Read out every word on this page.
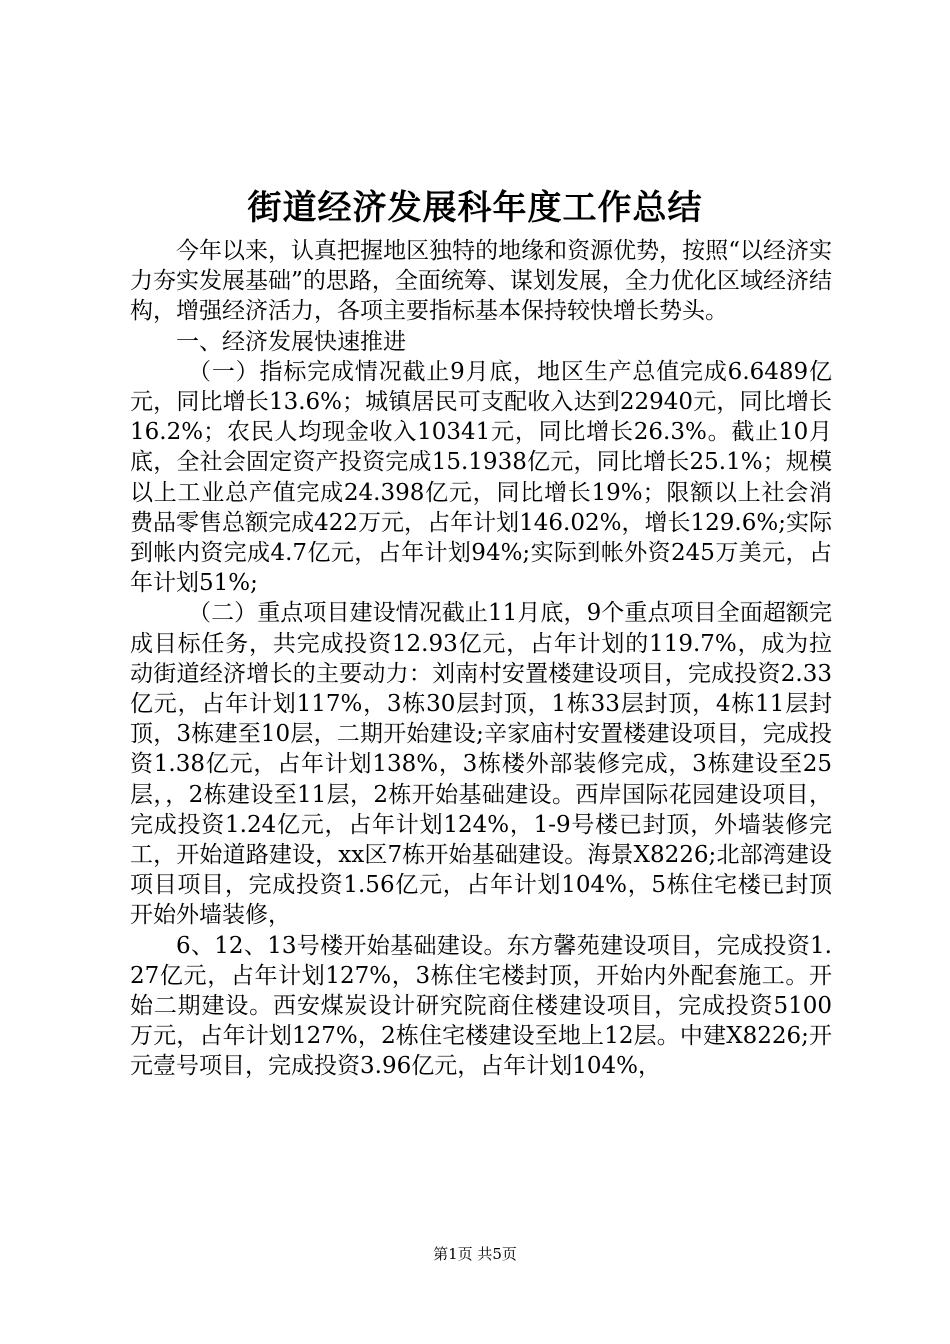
街道经济发展科年度工作总结

今年以来，认真把握地区独特的地缘和资源优势，按照“以经济实力夯实发展基础”的思路，全面统筹、谋划发展，全力优化区域经济结构，增强经济活力，各项主要指标基本保持较快增长势头。

一、经济发展快速推进

（一）指标完成情况截止9月底，地区生产总值完成6.6489亿元，同比增长13.6%；城镇居民可支配收入达到22940元，同比增长16.2%；农民人均现金收入10341元，同比增长26.3%。截止10月底，全社会固定资产投资完成15.1938亿元，同比增长25.1%；规模以上工业总产值完成24.398亿元，同比增长19%；限额以上社会消费品零售总额完成422万元，占年计划146.02%，增长129.6%;实际到帐内资完成4.7亿元，占年计划94%;实际到帐外资245万美元，占年计划51%;

（二）重点项目建设情况截止11月底，9个重点项目全面超额完成目标任务，共完成投资12.93亿元，占年计划的119.7%，成为拉动街道经济增长的主要动力：刘南村安置楼建设项目，完成投资2.33亿元，占年计划117%，3栋30层封顶，1栋33层封顶，4栋11层封顶，3栋建至10层，二期开始建设;辛家庙村安置楼建设项目，完成投资1.38亿元，占年计划138%，3栋楼外部装修完成，3栋建设至25层，，2栋建设至11层，2栋开始基础建设。西岸国际花园建设项目，完成投资1.24亿元，占年计划124%，1-9号楼已封顶，外墙装修完工，开始道路建设，xx区7栋开始基础建设。海景X8226;北部湾建设项目项目，完成投资1.56亿元，占年计划104%，5栋住宅楼已封顶开始外墙装修，

6、12、13号楼开始基础建设。东方馨苑建设项目，完成投资1.27亿元，占年计划127%，3栋住宅楼封顶，开始内外配套施工。开始二期建设。西安煤炭设计研究院商住楼建设项目，完成投资5100万元，占年计划127%，2栋住宅楼建设至地上12层。中建X8226;开元壹号项目，完成投资3.96亿元，占年计划104%，

第1页 共5页
